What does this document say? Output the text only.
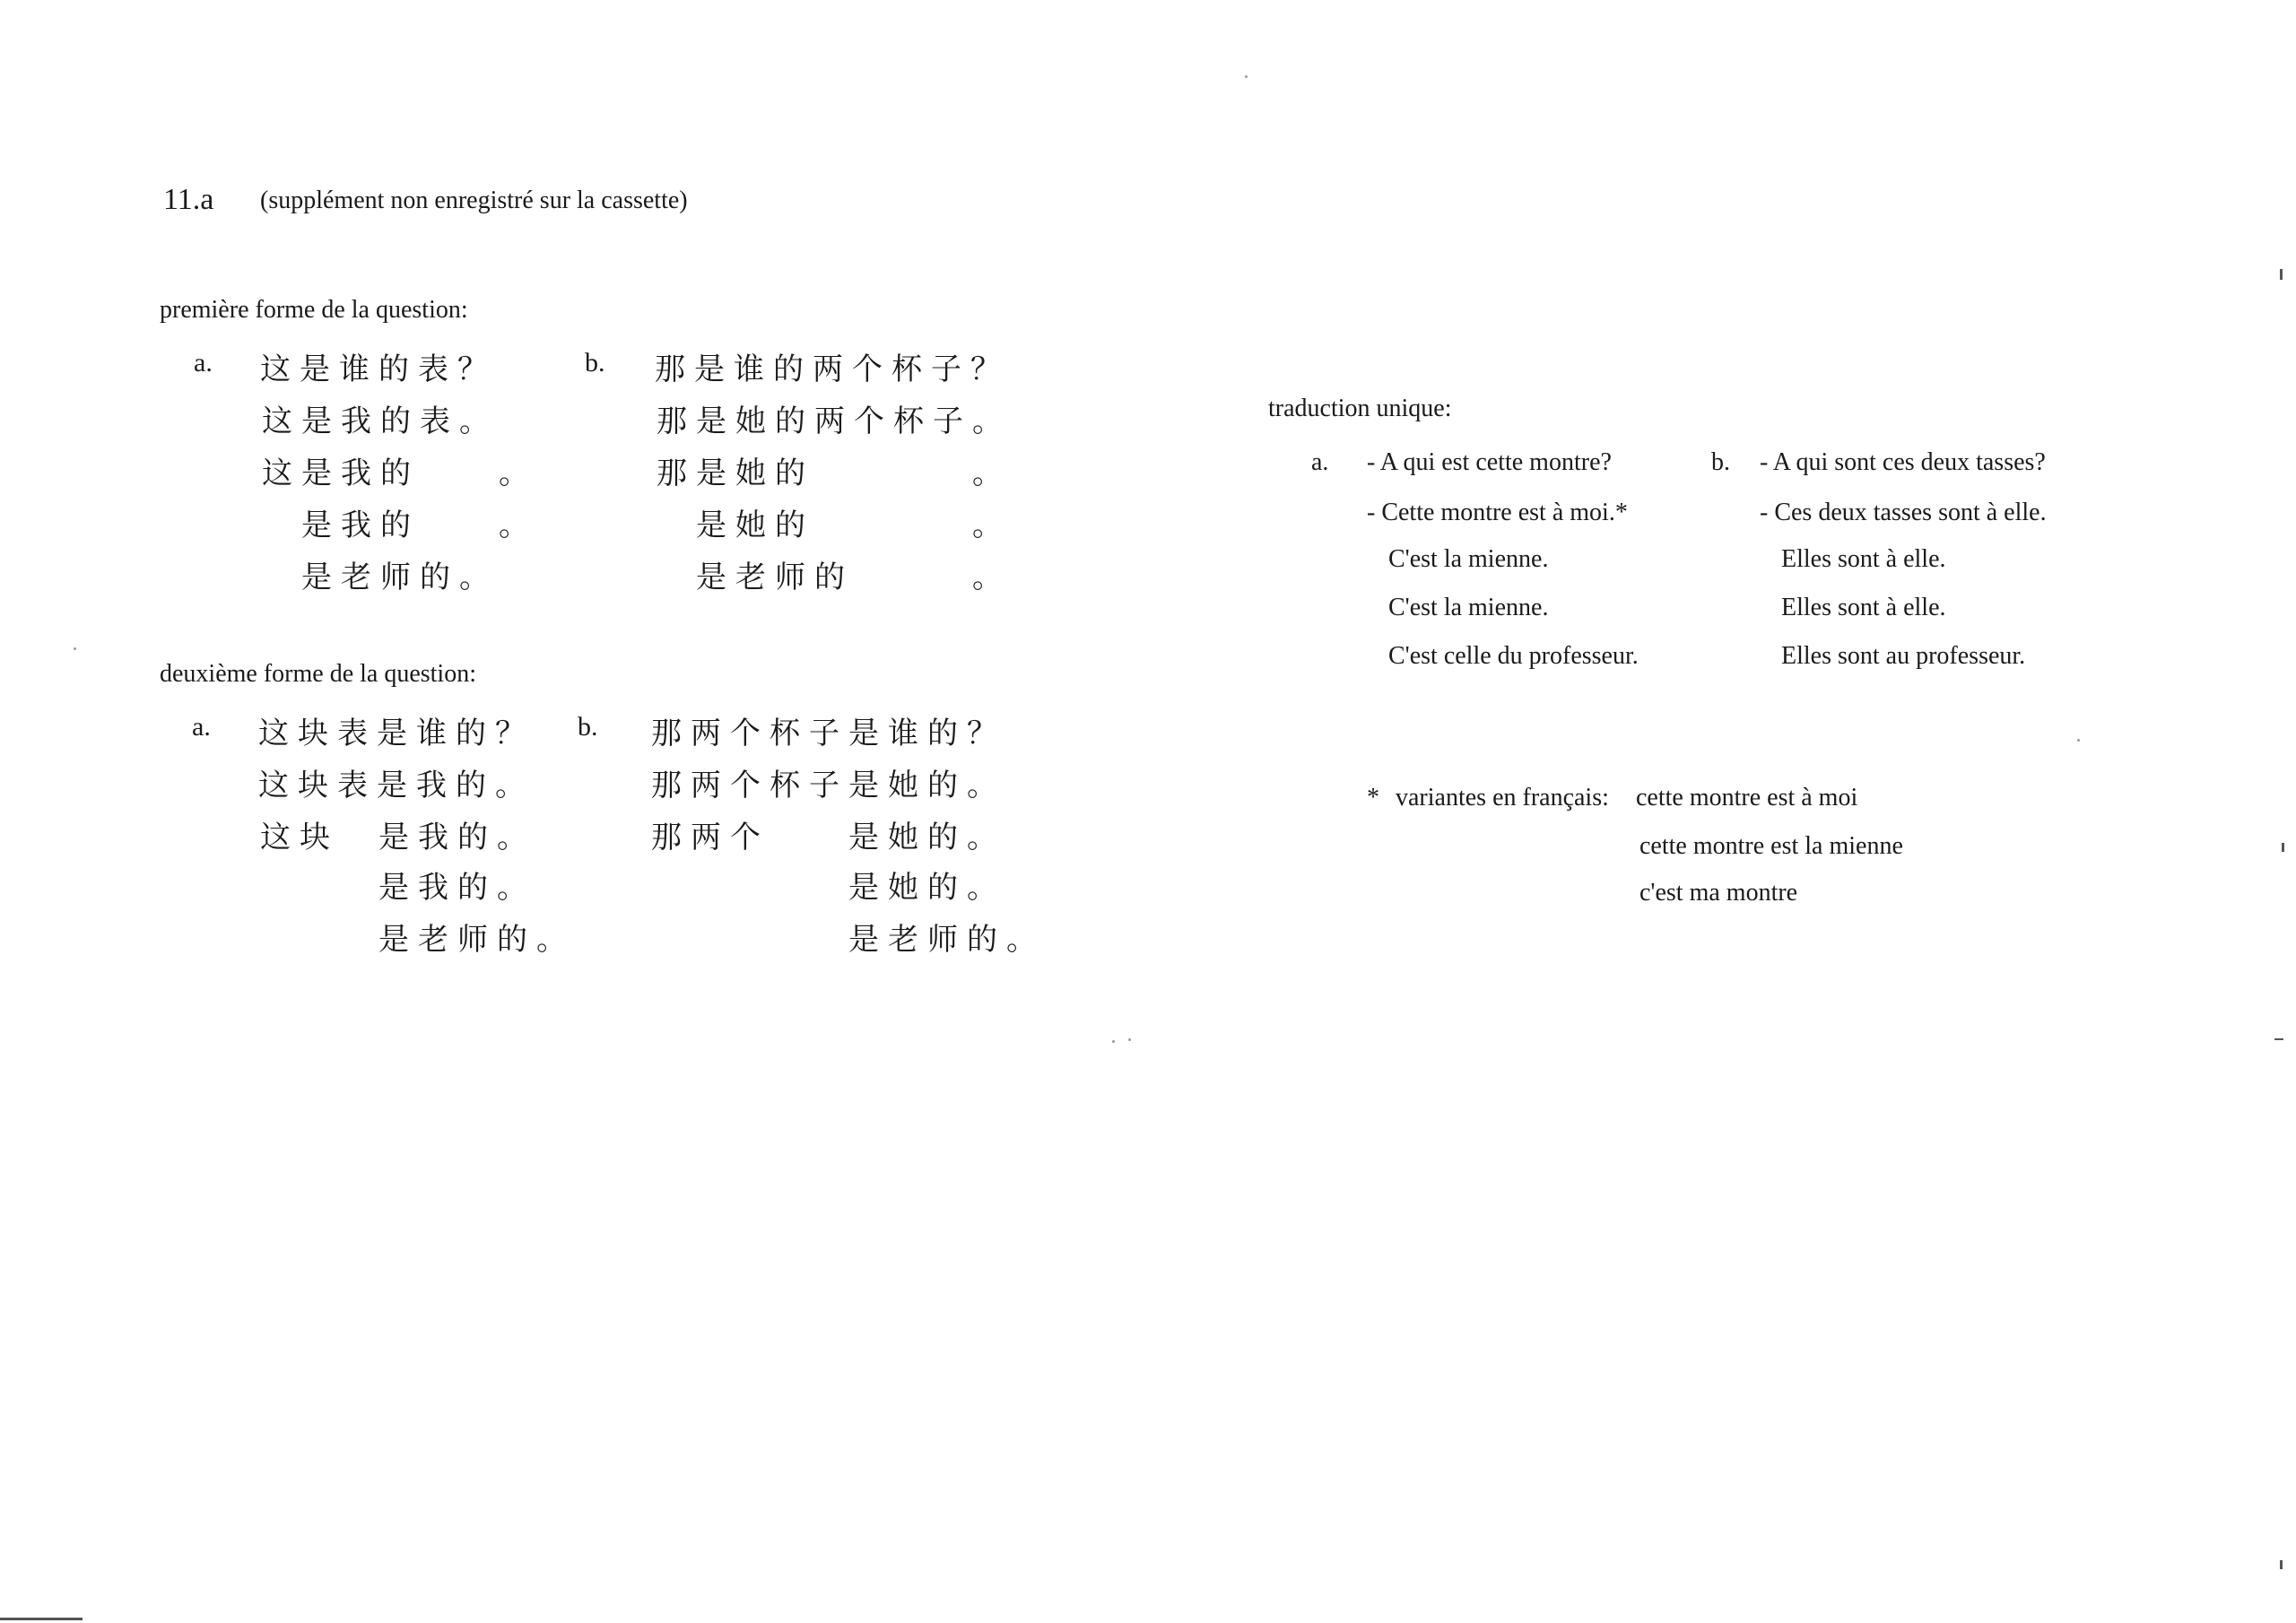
11.a (supplément non enregistré sur la cassette)
première forme de la question:
a. 这是谁的表？
这是我的表。
这是我的　　。
　是我的　　。
　是老师的。
b. 那是谁的两个杯子？
那是她的两个杯子。
那是她的　　　　。
　是她的　　　　。
　是老师的　　　。
deuxième forme de la question:
a. 这块表是谁的？
这块表是我的。
这块　是我的。
　　　是我的。
　　　是老师的。
b. 那两个杯子是谁的？
那两个杯子是她的。
那两个　　是她的。
　　　　　是她的。
　　　　　是老师的。
traduction unique:
a. - A qui est cette montre?
- Cette montre est à moi.*
C'est la mienne.
C'est la mienne.
C'est celle du professeur.
b. - A qui sont ces deux tasses?
- Ces deux tasses sont à elle.
Elles sont à elle.
Elles sont à elle.
Elles sont au professeur.
* variantes en français: cette montre est à moi
cette montre est la mienne
c'est ma montre
